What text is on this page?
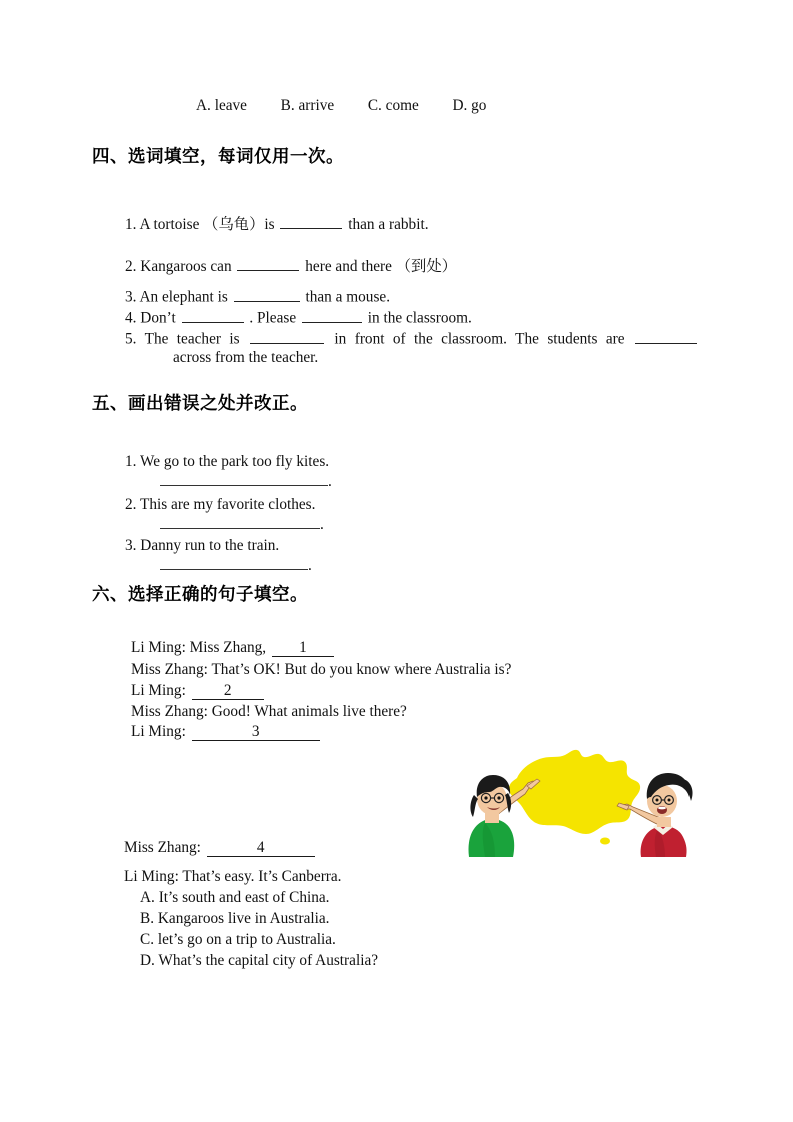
A. leave B. arrive C. come D. go
四、选词填空，每词仅用一次。
1. A tortoise （乌龟）is	than a rabbit.
2. Kangaroos can	here and there （到处）
3. An elephant is	than a mouse.
4. Don’t	. Please	in the classroom.
5. The teacher is	in front of the classroom. The students are
across from the teacher.
五、画出错误之处并改正。
1. We go to the park too fly kites.
.
2. This are my favorite clothes.
.
3. Danny run to the train.
.
六、选择正确的句子填空。
Li Ming: Miss Zhang, 1
Miss Zhang: That’s OK! But do you know where Australia is?
Li Ming: 2
Miss Zhang: Good! What animals live there?
Li Ming:	3
Miss Zhang:	4
Li Ming: That’s easy. It’s Canberra.
A. It’s south and east of China.
B. Kangaroos live in Australia.
C. let’s go on a trip to Australia.
D. What’s the capital city of Australia?
